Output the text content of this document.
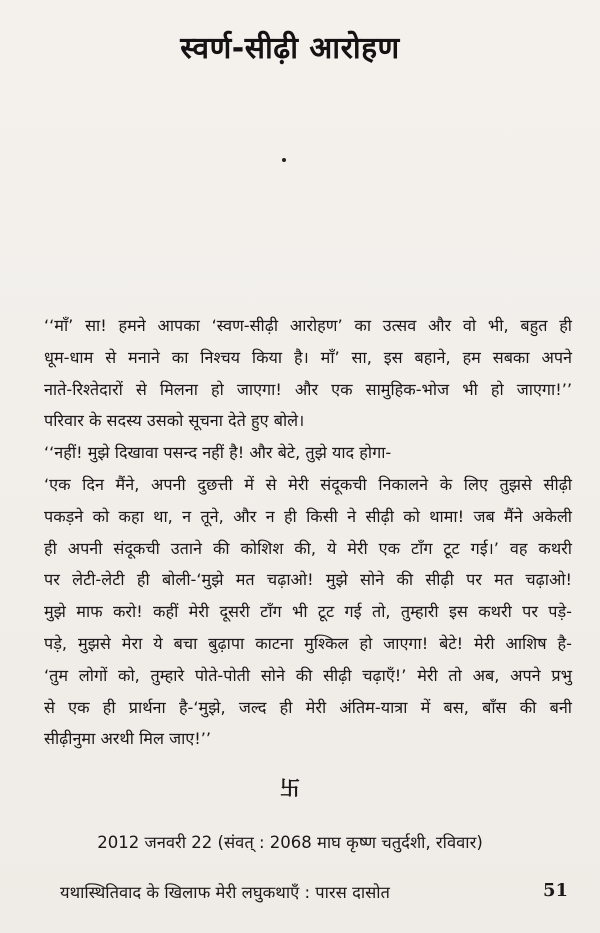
स्वर्ण-सीढ़ी आरोहण
‘‘माँ’ सा! हमने आपका ‘स्वण-सीढ़ी आरोहण’ का उत्सव और वो भी, बहुत ही
धूम-धाम से मनाने का निश्चय किया है। माँ’ सा, इस बहाने, हम सबका अपने
नाते-रिश्तेदारों से मिलना हो जाएगा! और एक सामुहिक-भोज भी हो जाएगा!’’
परिवार के सदस्य उसको सूचना देते हुए बोले।
‘‘नहीं! मुझे दिखावा पसन्द नहीं है! और बेटे, तुझे याद होगा-
‘एक दिन मैंने, अपनी दुछत्ती में से मेरी संदूकची निकालने के लिए तुझसे सीढ़ी
पकड़ने को कहा था, न तूने, और न ही किसी ने सीढ़ी को थामा! जब मैंने अकेली
ही अपनी संदूकची उताने की कोशिश की, ये मेरी एक टाँग टूट गई।’ वह कथरी
पर लेटी-लेटी ही बोली-‘मुझे मत चढ़ाओ! मुझे सोने की सीढ़ी पर मत चढ़ाओ!
मुझे माफ करो! कहीं मेरी दूसरी टाँग भी टूट गई तो, तुम्हारी इस कथरी पर पड़े-
पड़े, मुझसे मेरा ये बचा बुढ़ापा काटना मुश्किल हो जाएगा! बेटे! मेरी आशिष है-
‘तुम लोगों को, तुम्हारे पोते-पोती सोने की सीढ़ी चढ़ाएँ!’ मेरी तो अब, अपने प्रभु
से एक ही प्रार्थना है-‘मुझे, जल्द ही मेरी अंतिम-यात्रा में बस, बाँस की बनी
सीढ़ीनुमा अरथी मिल जाए!’’
卐
2012 जनवरी 22 (संवत् : 2068 माघ कृष्ण चतुर्दशी, रविवार)
यथास्थितिवाद के खिलाफ मेरी लघुकथाएँ : पारस दासोत	51
